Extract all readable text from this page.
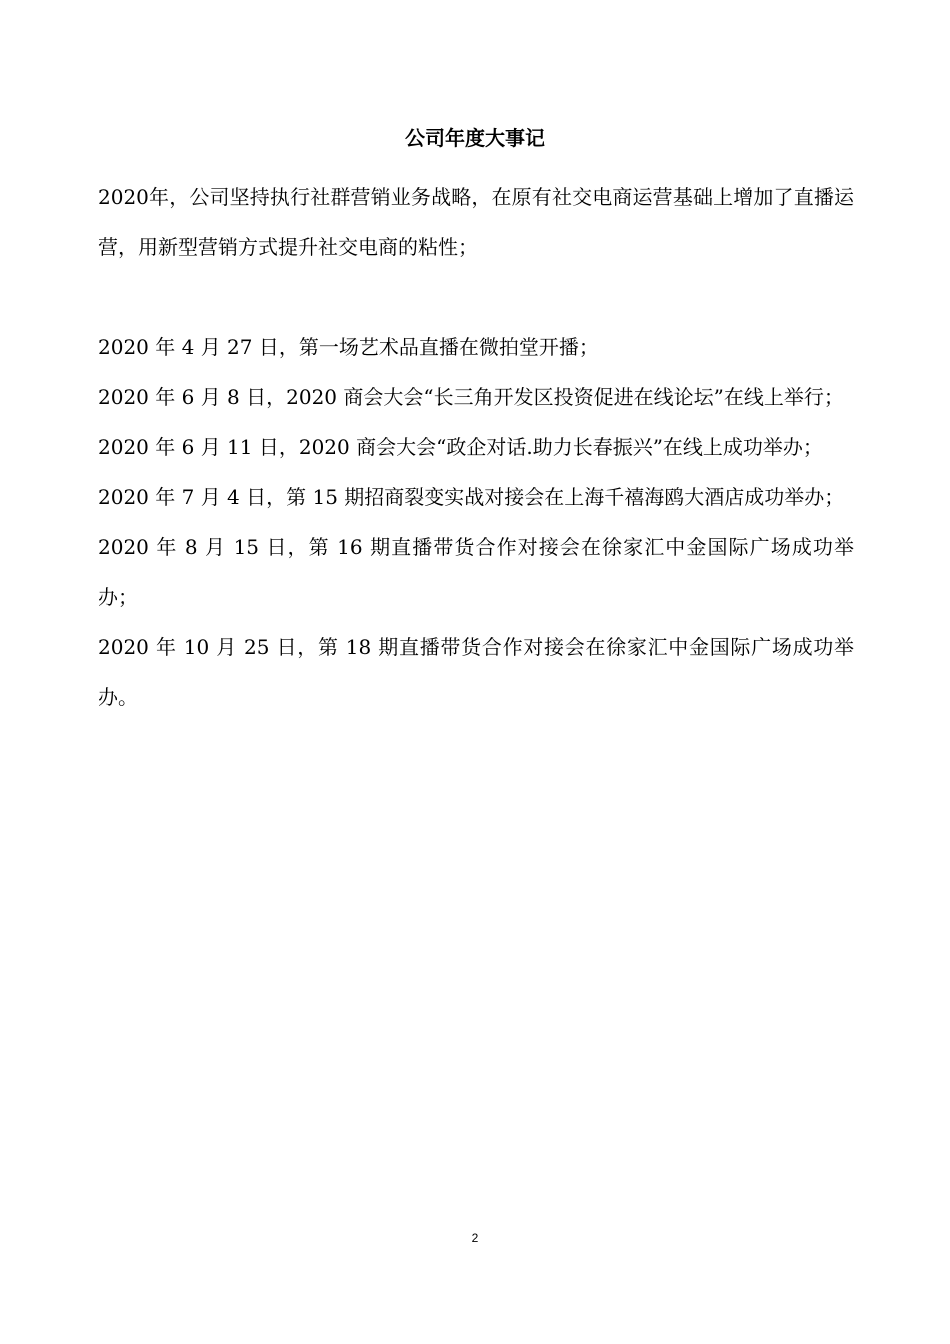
公司年度大事记

2020年，公司坚持执行社群营销业务战略，在原有社交电商运营基础上增加了直播运营，用新型营销方式提升社交电商的粘性；

2020 年 4 月 27 日，第一场艺术品直播在微拍堂开播；

2020 年 6 月 8 日，2020 商会大会“长三角开发区投资促进在线论坛”在线上举行；

2020 年 6 月 11 日，2020 商会大会“政企对话.助力长春振兴”在线上成功举办；

2020 年 7 月 4 日，第 15 期招商裂变实战对接会在上海千禧海鸥大酒店成功举办；

2020 年 8 月 15 日，第 16 期直播带货合作对接会在徐家汇中金国际广场成功举办；

2020 年 10 月 25 日，第 18 期直播带货合作对接会在徐家汇中金国际广场成功举办。

2
